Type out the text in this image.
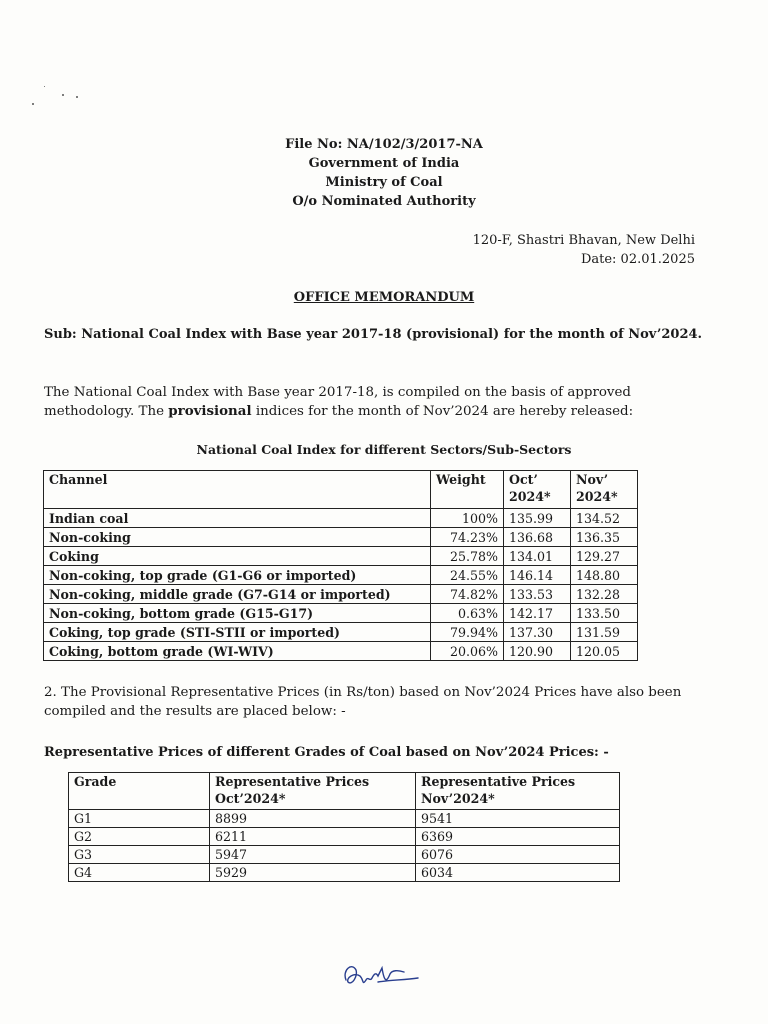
File No: NA/102/3/2017-NA
Government of India
Ministry of Coal
O/o Nominated Authority
120-F, Shastri Bhavan, New Delhi
Date: 02.01.2025
OFFICE MEMORANDUM
Sub: National Coal Index with Base year 2017-18 (provisional) for the month of Nov’2024.
The National Coal Index with Base year 2017-18, is compiled on the basis of approved methodology. The provisional indices for the month of Nov’2024 are hereby released:
National Coal Index for different Sectors/Sub-Sectors
Channel	Weight	Oct’ 2024*	Nov’ 2024*
Indian coal	100%	135.99	134.52
Non-coking	74.23%	136.68	136.35
Coking	25.78%	134.01	129.27
Non-coking, top grade (G1-G6 or imported)	24.55%	146.14	148.80
Non-coking, middle grade (G7-G14 or imported)	74.82%	133.53	132.28
Non-coking, bottom grade (G15-G17)	0.63%	142.17	133.50
Coking, top grade (STI-STII or imported)	79.94%	137.30	131.59
Coking, bottom grade (WI-WIV)	20.06%	120.90	120.05
2. The Provisional Representative Prices (in Rs/ton) based on Nov’2024 Prices have also been compiled and the results are placed below: -
Representative Prices of different Grades of Coal based on Nov’2024 Prices: -
Grade	Representative Prices Oct’2024*	Representative Prices Nov’2024*
G1	8899	9541
G2	6211	6369
G3	5947	6076
G4	5929	6034
